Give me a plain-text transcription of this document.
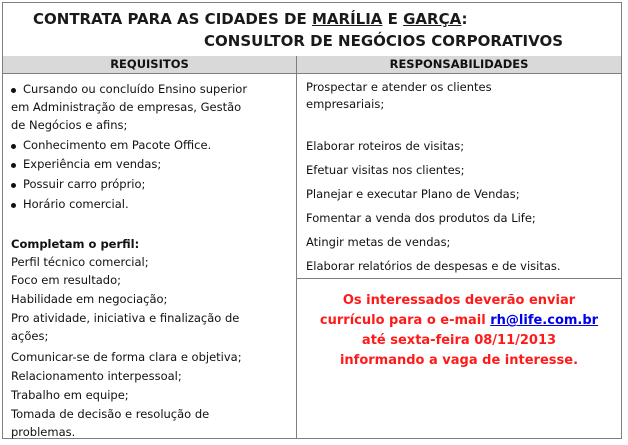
CONTRATA PARA AS CIDADES DE MARÍLIA E GARÇA:
CONSULTOR DE NEGÓCIOS CORPORATIVOS
REQUISITOS	RESPONSABILIDADES
Cursando ou concluído Ensino superior
em Administração de empresas, Gestão
de Negócios e afins;
Conhecimento em Pacote Office.
Experiência em vendas;
Possuir carro próprio;
Horário comercial.
Completam o perfil:
Perfil técnico comercial;
Foco em resultado;
Habilidade em negociação;
Pro atividade, iniciativa e finalização de
ações;
Comunicar-se de forma clara e objetiva;
Relacionamento interpessoal;
Trabalho em equipe;
Tomada de decisão e resolução de
problemas.
Prospectar e atender os clientes
empresariais;
Elaborar roteiros de visitas;
Efetuar visitas nos clientes;
Planejar e executar Plano de Vendas;
Fomentar a venda dos produtos da Life;
Atingir metas de vendas;
Elaborar relatórios de despesas e de visitas.
Os interessados deverão enviar
currículo para o e-mail rh@life.com.br
até sexta-feira 08/11/2013
informando a vaga de interesse.
